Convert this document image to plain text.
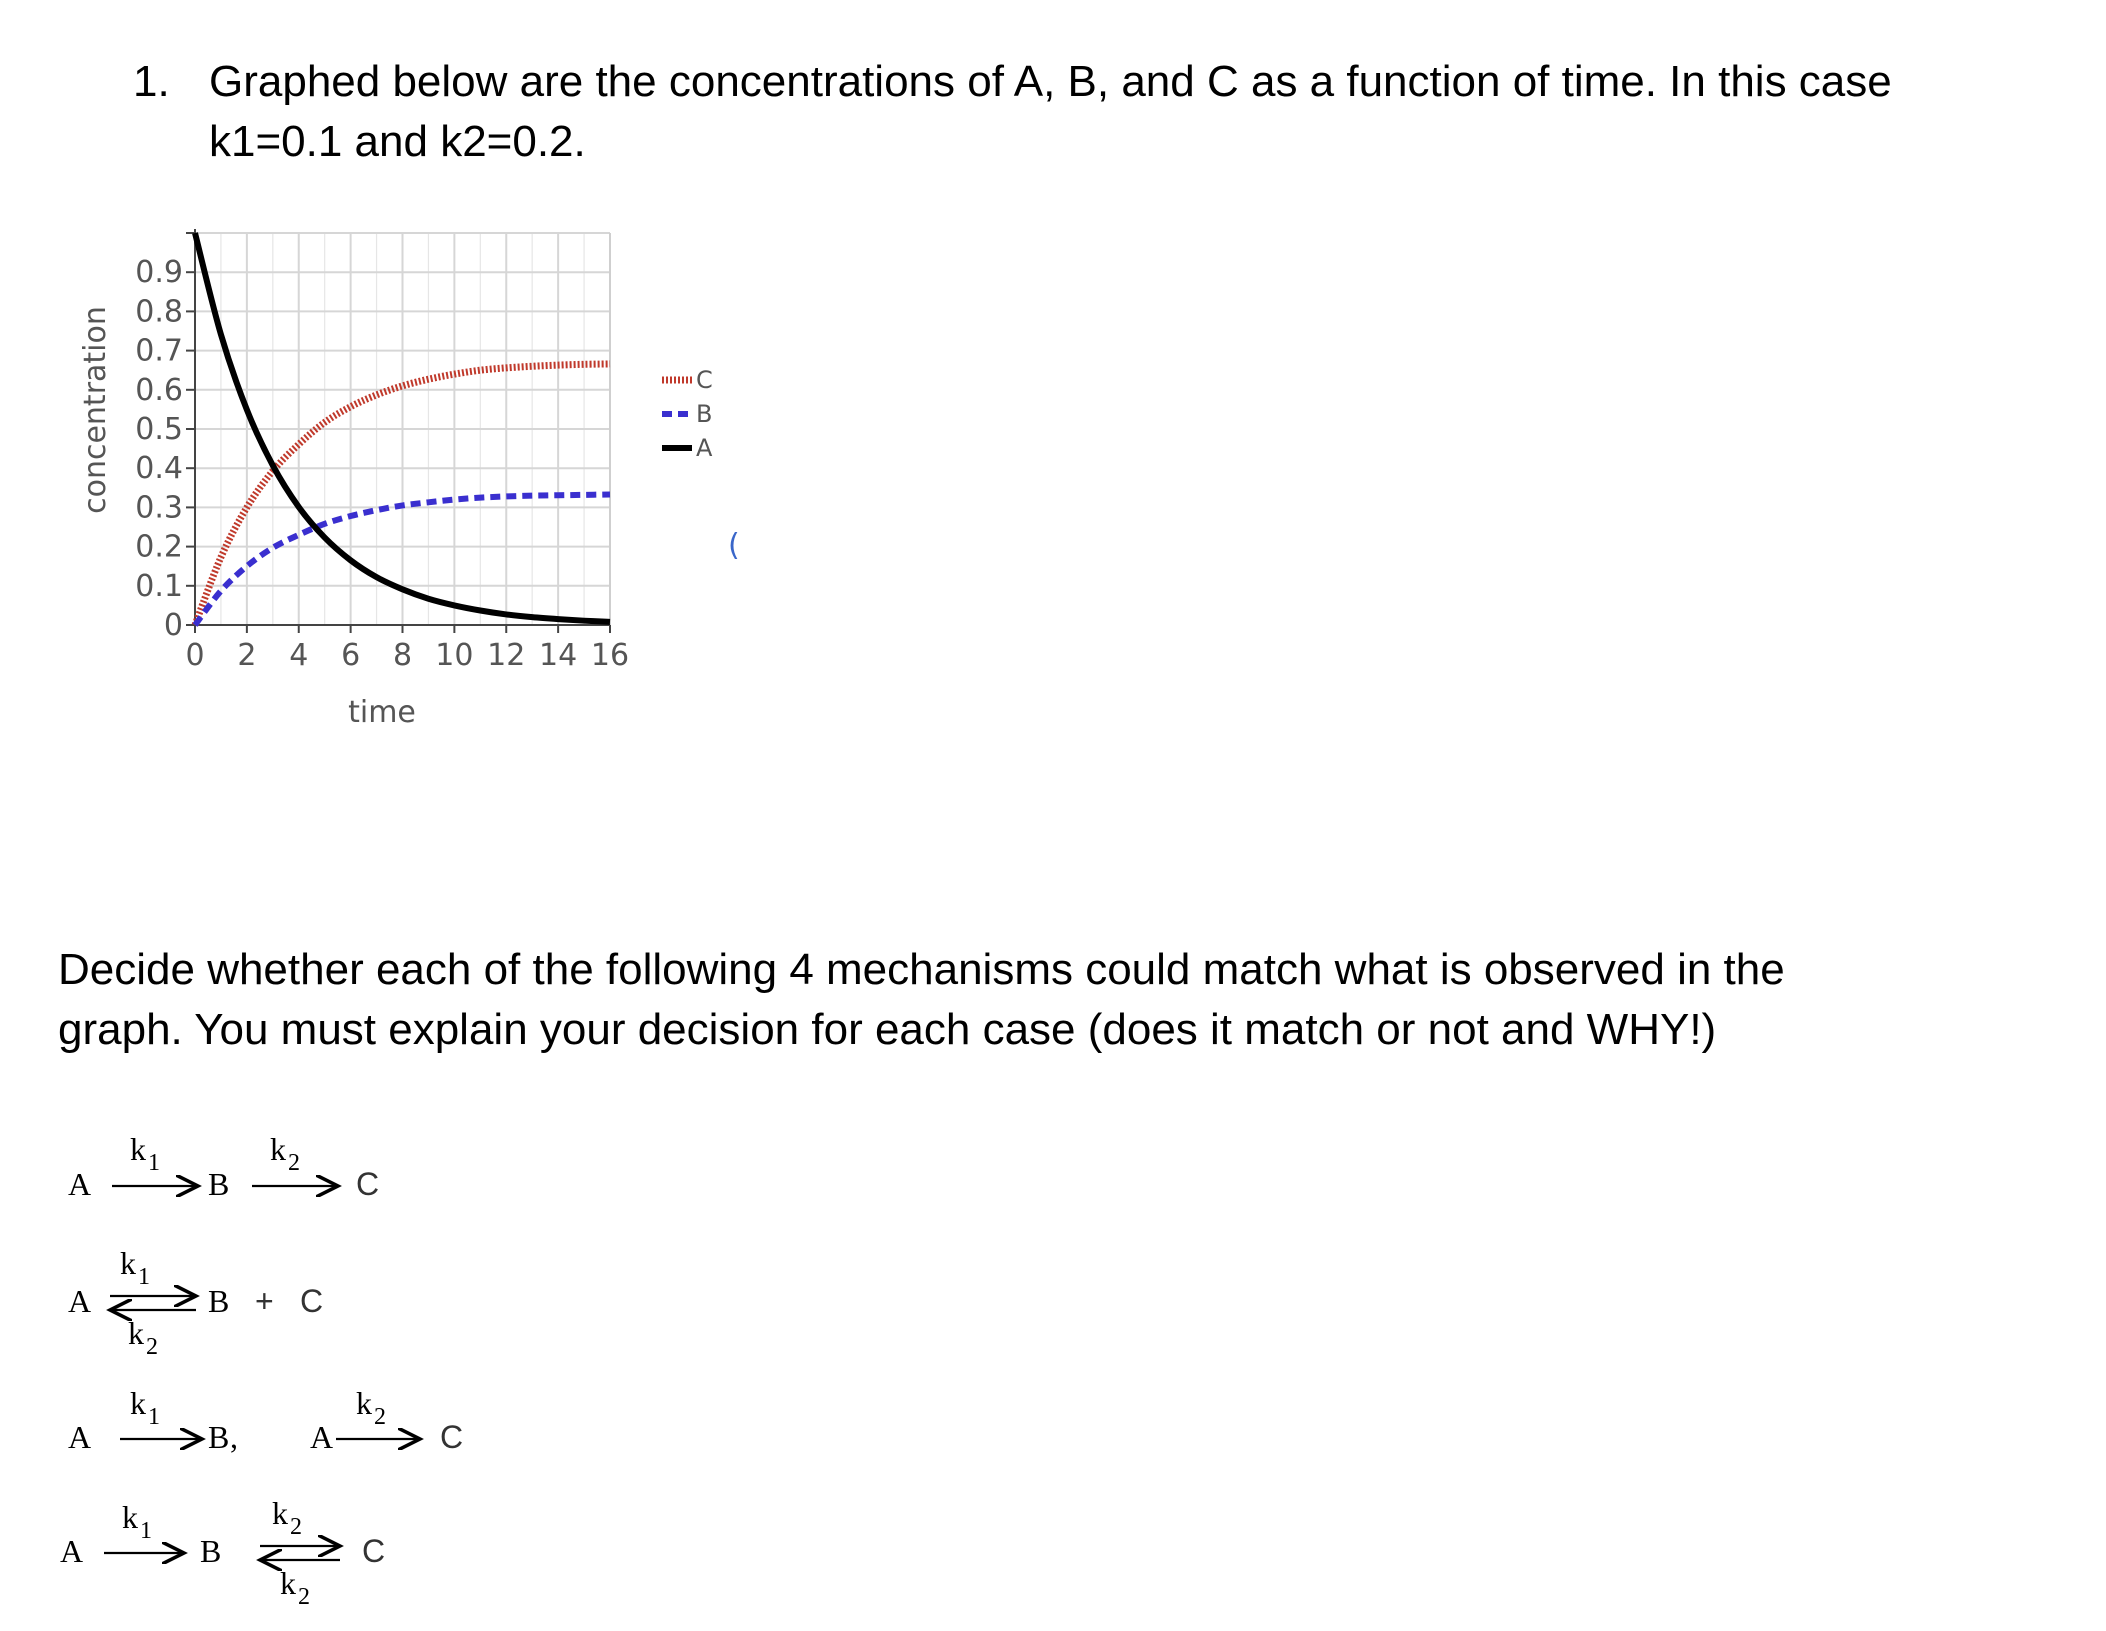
1. Graphed below are the concentrations of A, B, and C as a function of time. In this case
k1=0.1 and k2=0.2.
0
0.1
0.2
0.3
0.4
0.5
0.6
0.7
0.8
0.9
0 2 4 6 8 10 12 14 16
time
concentration	C
B
A
(
Decide whether each of the following 4 mechanisms could match what is observed in the
graph. You must explain your decision for each case (does it match or not and WHY!)
A
k 1
B
k 2
C
A
k 1
k 2
B + C
A
k 1
B , A
k 2
C
A
k 1
B
k 2
k 2
C
